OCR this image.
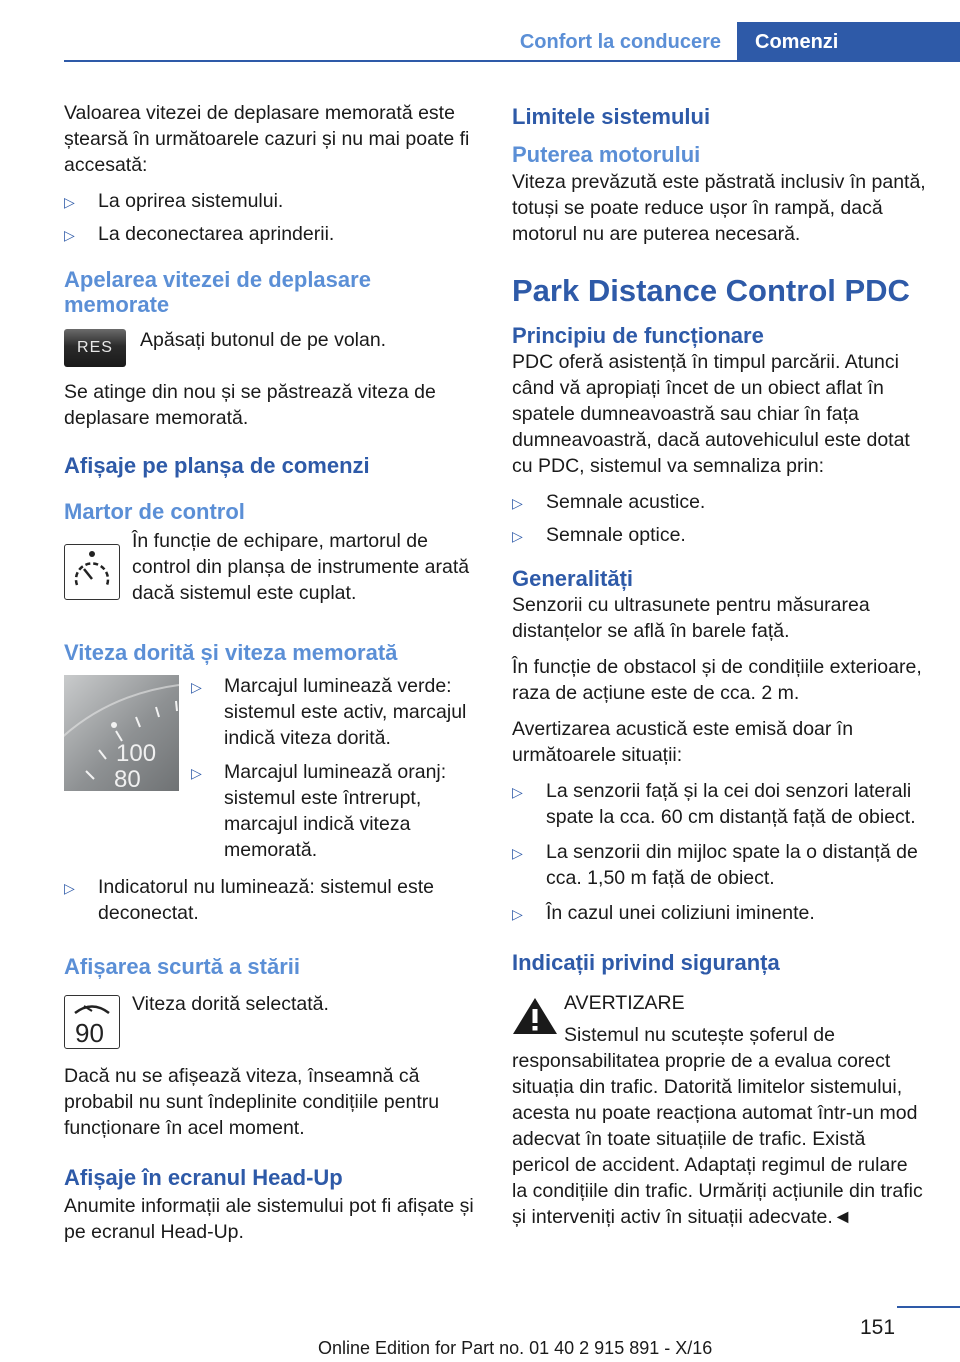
Confort la conducere	Comenzi

Valoarea vitezei de deplasare memorată este ștearsă în următoarele cazuri și nu mai poate fi accesată:

▷ La oprirea sistemului.
▷ La deconectarea aprinderii.
Apelarea vitezei de deplasare memorate
RES	Apăsați butonul de pe volan.

Se atinge din nou și se păstrează viteza de deplasare memorată.

Afișaje pe planșa de comenzi
Martor de control

În funcție de echipare, martorul de control din planșa de instrumente arată dacă sistemul este cuplat.

Viteza dorită și viteza memorată
100
80
▷ Marcajul luminează verde: sistemul este activ, marcajul indică viteza dorită.
▷ Marcajul luminează oranj: sistemul este întrerupt, marcajul indică viteza memorată.
▷ Indicatorul nu luminează: sistemul este deconectat.
Afișarea scurtă a stării
90

Viteza dorită selectată.

Dacă nu se afișează viteza, înseamnă că probabil nu sunt îndeplinite condițiile pentru funcționare în acel moment.

Afișaje în ecranul Head-Up

Anumite informații ale sistemului pot fi afișate și pe ecranul Head-Up.

Limitele sistemului
Puterea motorului

Viteza prevăzută este păstrată inclusiv în pantă, totuși se poate reduce ușor în rampă, dacă motorul nu are puterea necesară.

Park Distance Control PDC
Principiu de funcționare

PDC oferă asistență în timpul parcării. Atunci când vă apropiați încet de un obiect aflat în spatele dumneavoastră sau chiar în fața dumneavoastră, dacă autovehiculul este dotat cu PDC, sistemul va semnaliza prin:

▷ Semnale acustice.
▷ Semnale optice.
Generalități

Senzorii cu ultrasunete pentru măsurarea distanțelor se află în barele față.

În funcție de obstacol și de condițiile exterioare, raza de acțiune este de cca. 2 m.

Avertizarea acustică este emisă doar în următoarele situații:

▷ La senzorii față și la cei doi senzori laterali spate la cca. 60 cm distanță față de obiect.
▷ La senzorii din mijloc spate la o distanță de cca. 1,50 m față de obiect.
▷ În cazul unei coliziuni iminente.
Indicații privind siguranța

AVERTIZARE

Sistemul nu scutește șoferul de responsabilitatea proprie de a evalua corect situația din trafic. Datorită limitelor sistemului, acesta nu poate reacționa automat într-un mod adecvat în toate situațiile de trafic. Există pericol de accident. Adaptați regimul de rulare la condițiile din trafic. Urmăriți acțiunile din trafic și interveniți activ în situații adecvate.◄

151
Online Edition for Part no. 01 40 2 915 891 - X/16
